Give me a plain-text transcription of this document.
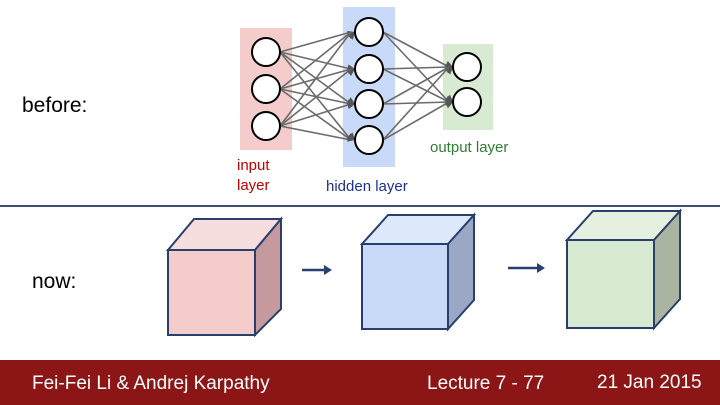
before:
now:
input layer	hidden layer
output layer
Fei-Fei Li & Andrej Karpathy	Lecture 7 - 77	21 Jan 2015
